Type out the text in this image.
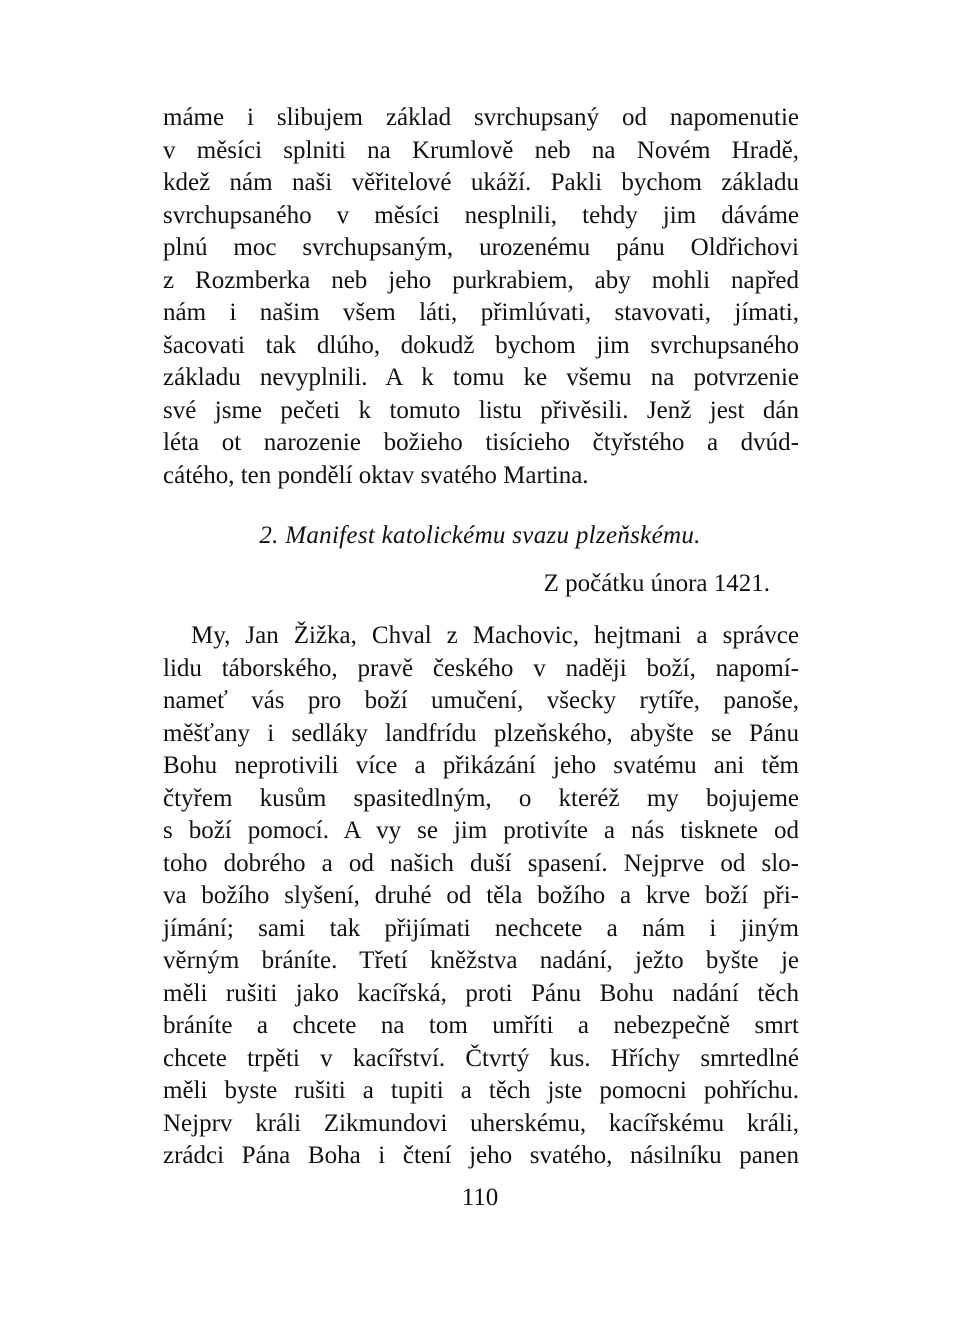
máme i slibujem základ svrchupsaný od napomenutie
v měsíci splniti na Krumlově neb na Novém Hradě,
kdež nám naši věřitelové ukáží. Pakli bychom základu
svrchupsaného v měsíci nesplnili, tehdy jim dáváme
plnú moc svrchupsaným, urozenému pánu Oldřichovi
z Rozmberka neb jeho purkrabiem, aby mohli napřed
nám i našim všem láti, přimlúvati, stavovati, jímati,
šacovati tak dlúho, dokudž bychom jim svrchupsaného
základu nevyplnili. A k tomu ke všemu na potvrzenie
své jsme pečeti k tomuto listu přivěsili. Jenž jest dán
léta ot narozenie božieho tisícieho čtyřstého a dvúd-
cátého, ten pondělí oktav svatého Martina.
2. Manifest katolickému svazu plzeňskému.
Z počátku února 1421.
My, Jan Žižka, Chval z Machovic, hejtmani a správce
lidu táborského, pravě českého v naději boží, napomí-
nameť vás pro boží umučení, všecky rytíře, panoše,
měšťany i sedláky landfrídu plzeňského, abyšte se Pánu
Bohu neprotivili více a přikázání jeho svatému ani těm
čtyřem kusům spasitedlným, o kteréž my bojujeme
s boží pomocí. A vy se jim protivíte a nás tisknete od
toho dobrého a od našich duší spasení. Nejprve od slo-
va božího slyšení, druhé od těla božího a krve boží při-
jímání; sami tak přijímati nechcete a nám i jiným
věrným bráníte. Třetí kněžstva nadání, ježto byšte je
měli rušiti jako kacířská, proti Pánu Bohu nadání těch
bráníte a chcete na tom umříti a nebezpečně smrt
chcete trpěti v kacířství. Čtvrtý kus. Hříchy smrtedlné
měli byste rušiti a tupiti a těch jste pomocni pohříchu.
Nejprv králi Zikmundovi uherskému, kacířskému králi,
zrádci Pána Boha i čtení jeho svatého, násilníku panen
110
